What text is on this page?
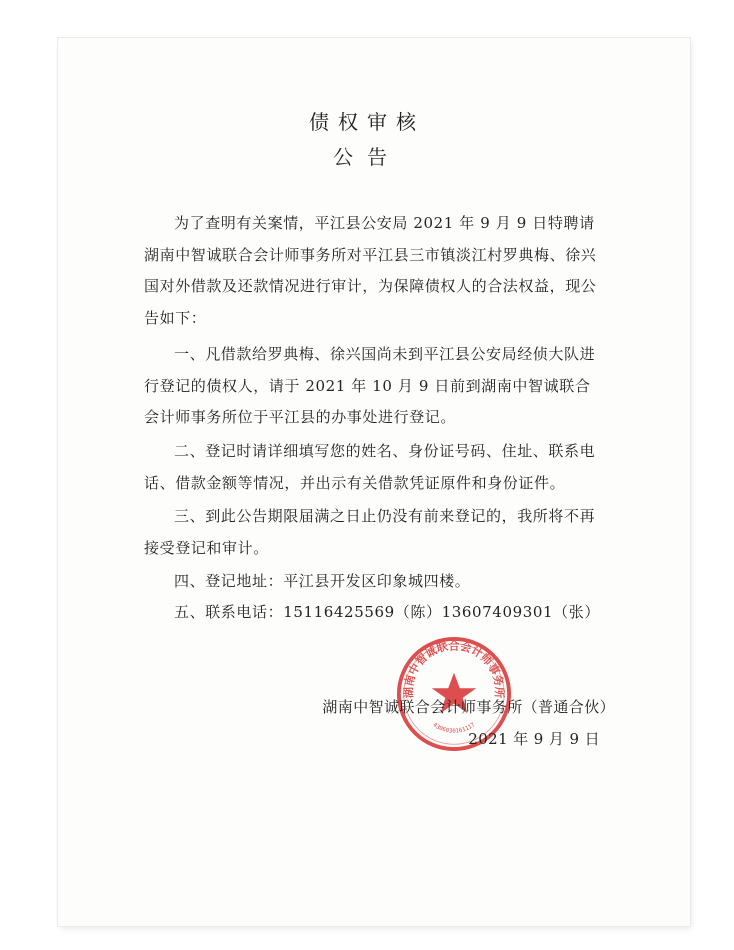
债权审核
公告

为了查明有关案情，平江县公安局 2021 年 9 月 9 日特聘请湖南中智诚联合会计师事务所对平江县三市镇淡江村罗典梅、徐兴国对外借款及还款情况进行审计，为保障债权人的合法权益，现公告如下：

一、凡借款给罗典梅、徐兴国尚未到平江县公安局经侦大队进行登记的债权人，请于 2021 年 10 月 9 日前到湖南中智诚联合会计师事务所位于平江县的办事处进行登记。

二、登记时请详细填写您的姓名、身份证号码、住址、联系电话、借款金额等情况，并出示有关借款凭证原件和身份证件。

三、到此公告期限届满之日止仍没有前来登记的，我所将不再接受登记和审计。

四、登记地址：平江县开发区印象城四楼。

五、联系电话：15116425569（陈）13607409301（张）

湖南中智诚联合会计师事务所
4306030161117
湖南中智诚联合会计师事务所（普通合伙）
2021 年 9 月 9 日
